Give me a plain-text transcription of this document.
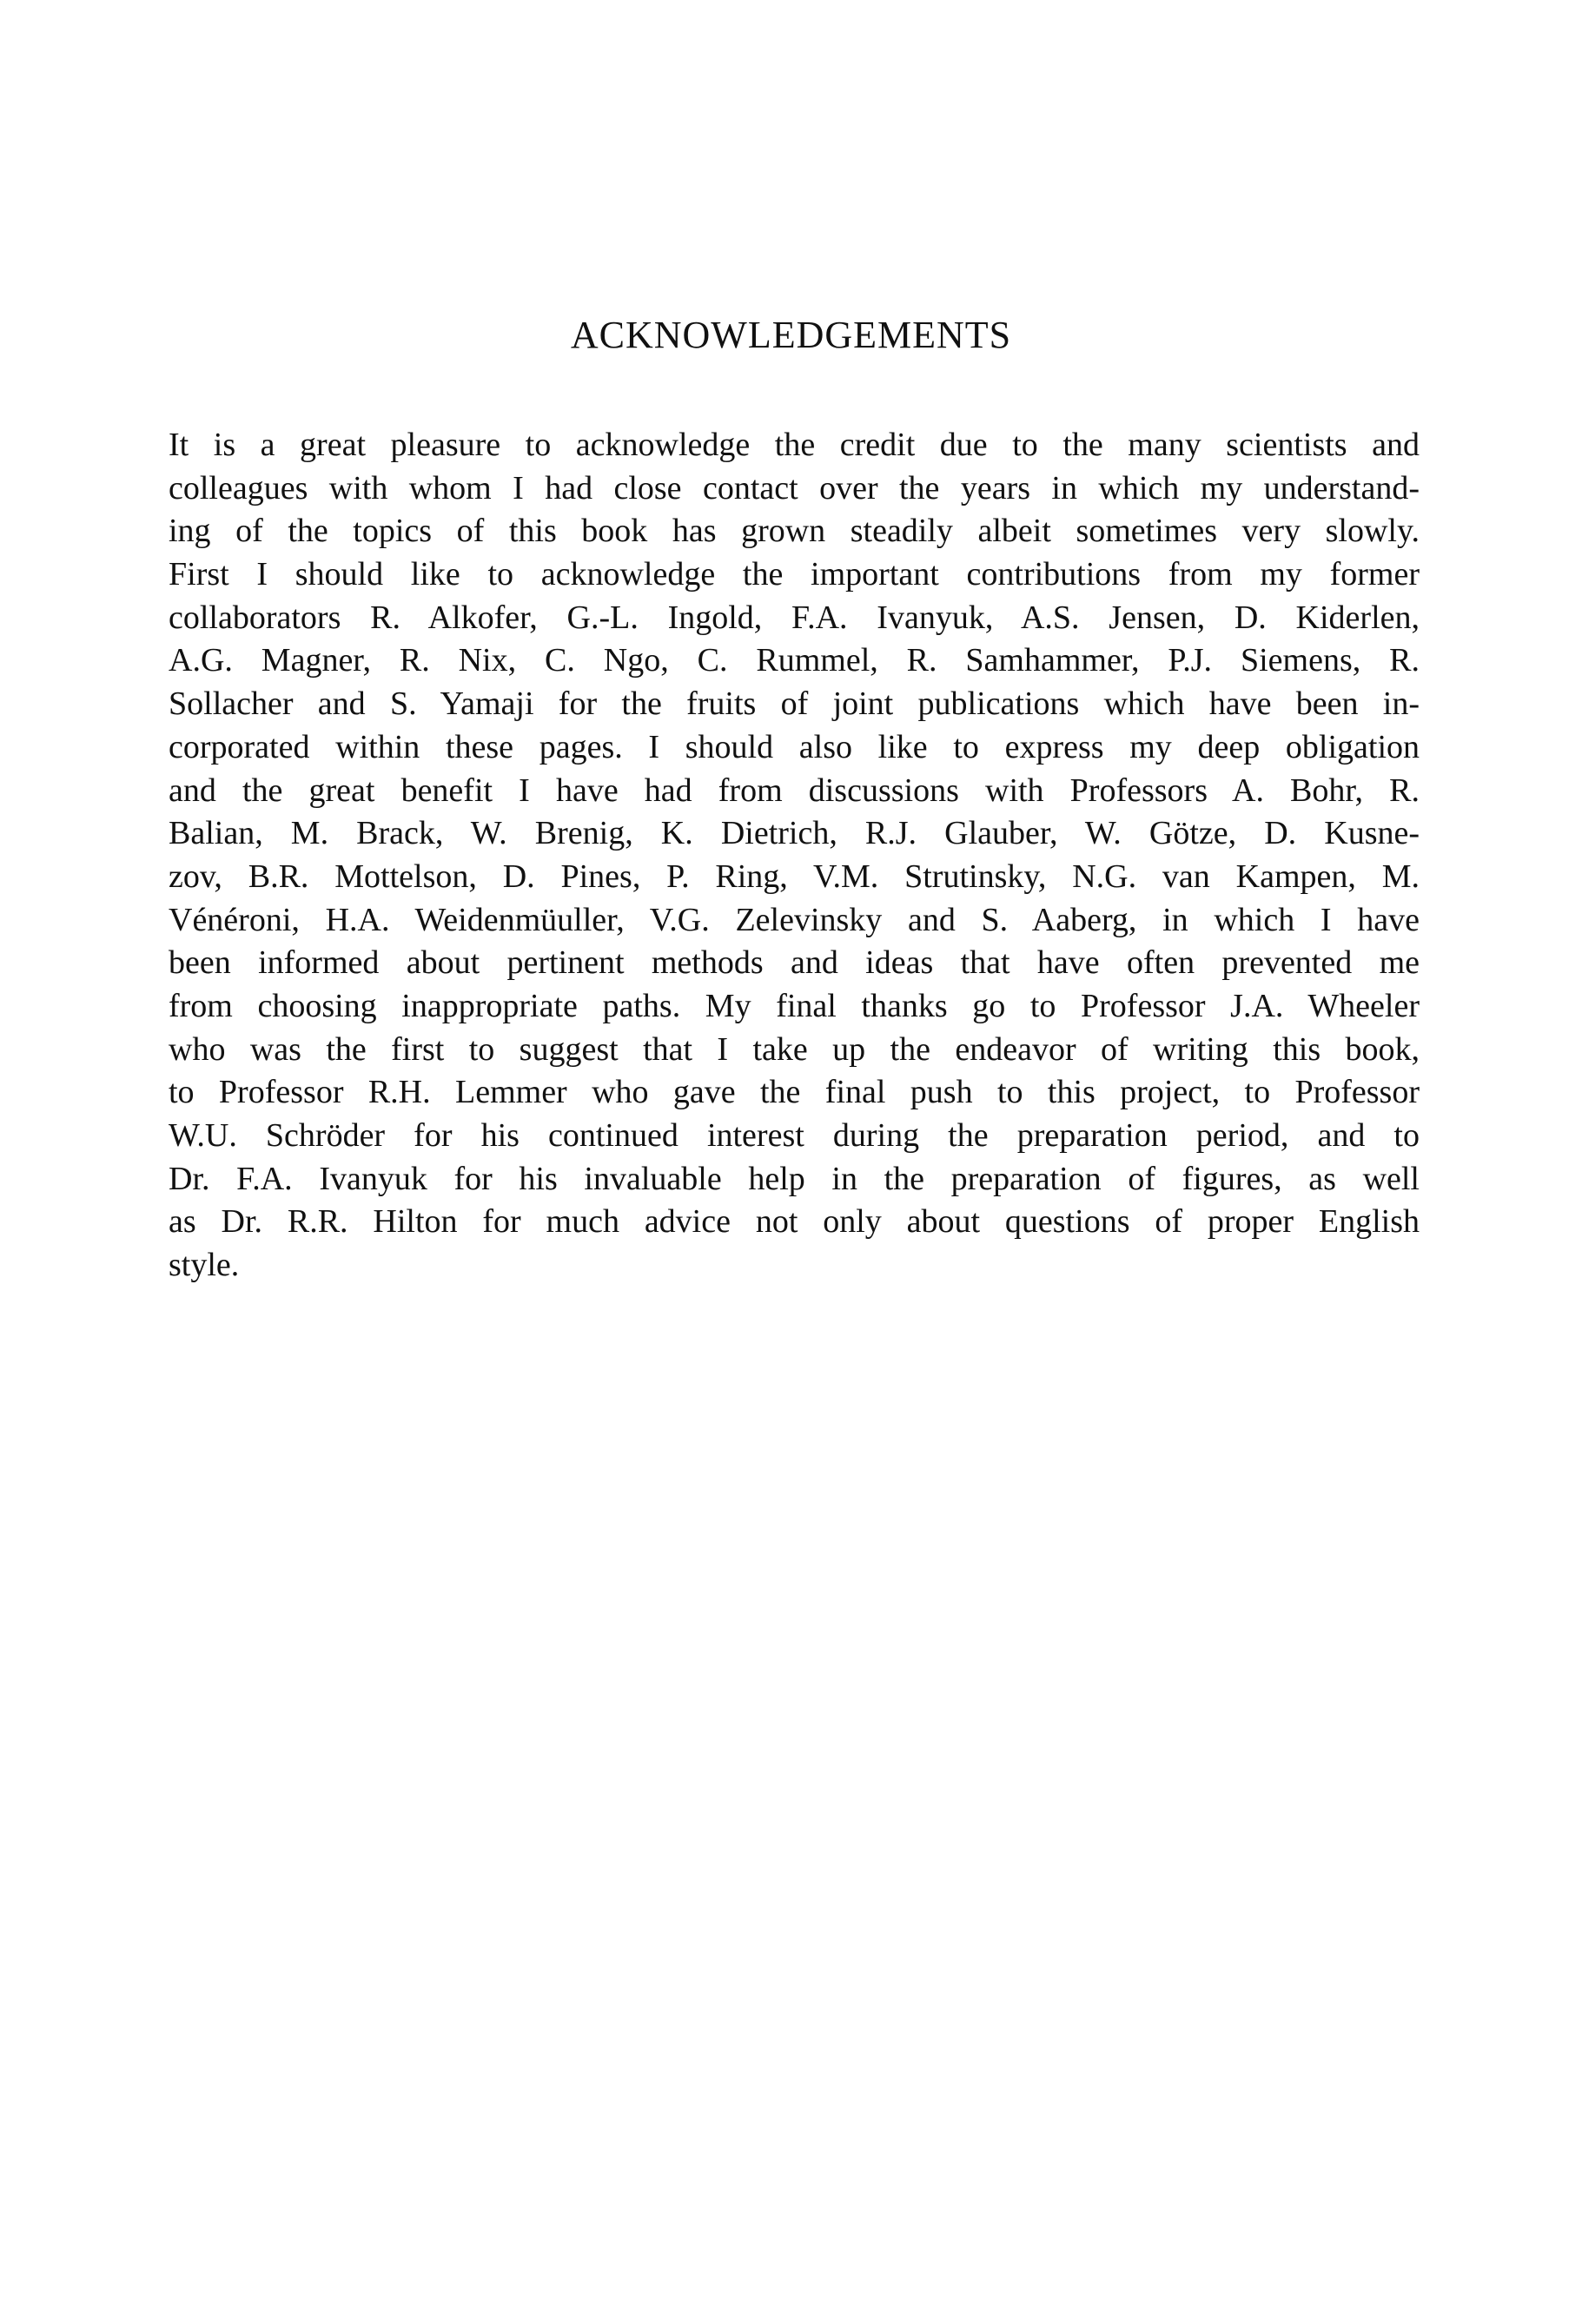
ACKNOWLEDGEMENTS
It is a great pleasure to acknowledge the credit due to the many scientists and
colleagues with whom I had close contact over the years in which my understand-
ing of the topics of this book has grown steadily albeit sometimes very slowly.
First I should like to acknowledge the important contributions from my former
collaborators R. Alkofer, G.-L. Ingold, F.A. Ivanyuk, A.S. Jensen, D. Kiderlen,
A.G. Magner, R. Nix, C. Ngo, C. Rummel, R. Samhammer, P.J. Siemens, R.
Sollacher and S. Yamaji for the fruits of joint publications which have been in-
corporated within these pages. I should also like to express my deep obligation
and the great benefit I have had from discussions with Professors A. Bohr, R.
Balian, M. Brack, W. Brenig, K. Dietrich, R.J. Glauber, W. Götze, D. Kusne-
zov, B.R. Mottelson, D. Pines, P. Ring, V.M. Strutinsky, N.G. van Kampen, M.
Vénéroni, H.A. Weidenmüuller, V.G. Zelevinsky and S. Aaberg, in which I have
been informed about pertinent methods and ideas that have often prevented me
from choosing inappropriate paths. My final thanks go to Professor J.A. Wheeler
who was the first to suggest that I take up the endeavor of writing this book,
to Professor R.H. Lemmer who gave the final push to this project, to Professor
W.U. Schröder for his continued interest during the preparation period, and to
Dr. F.A. Ivanyuk for his invaluable help in the preparation of figures, as well
as Dr. R.R. Hilton for much advice not only about questions of proper English
style.
